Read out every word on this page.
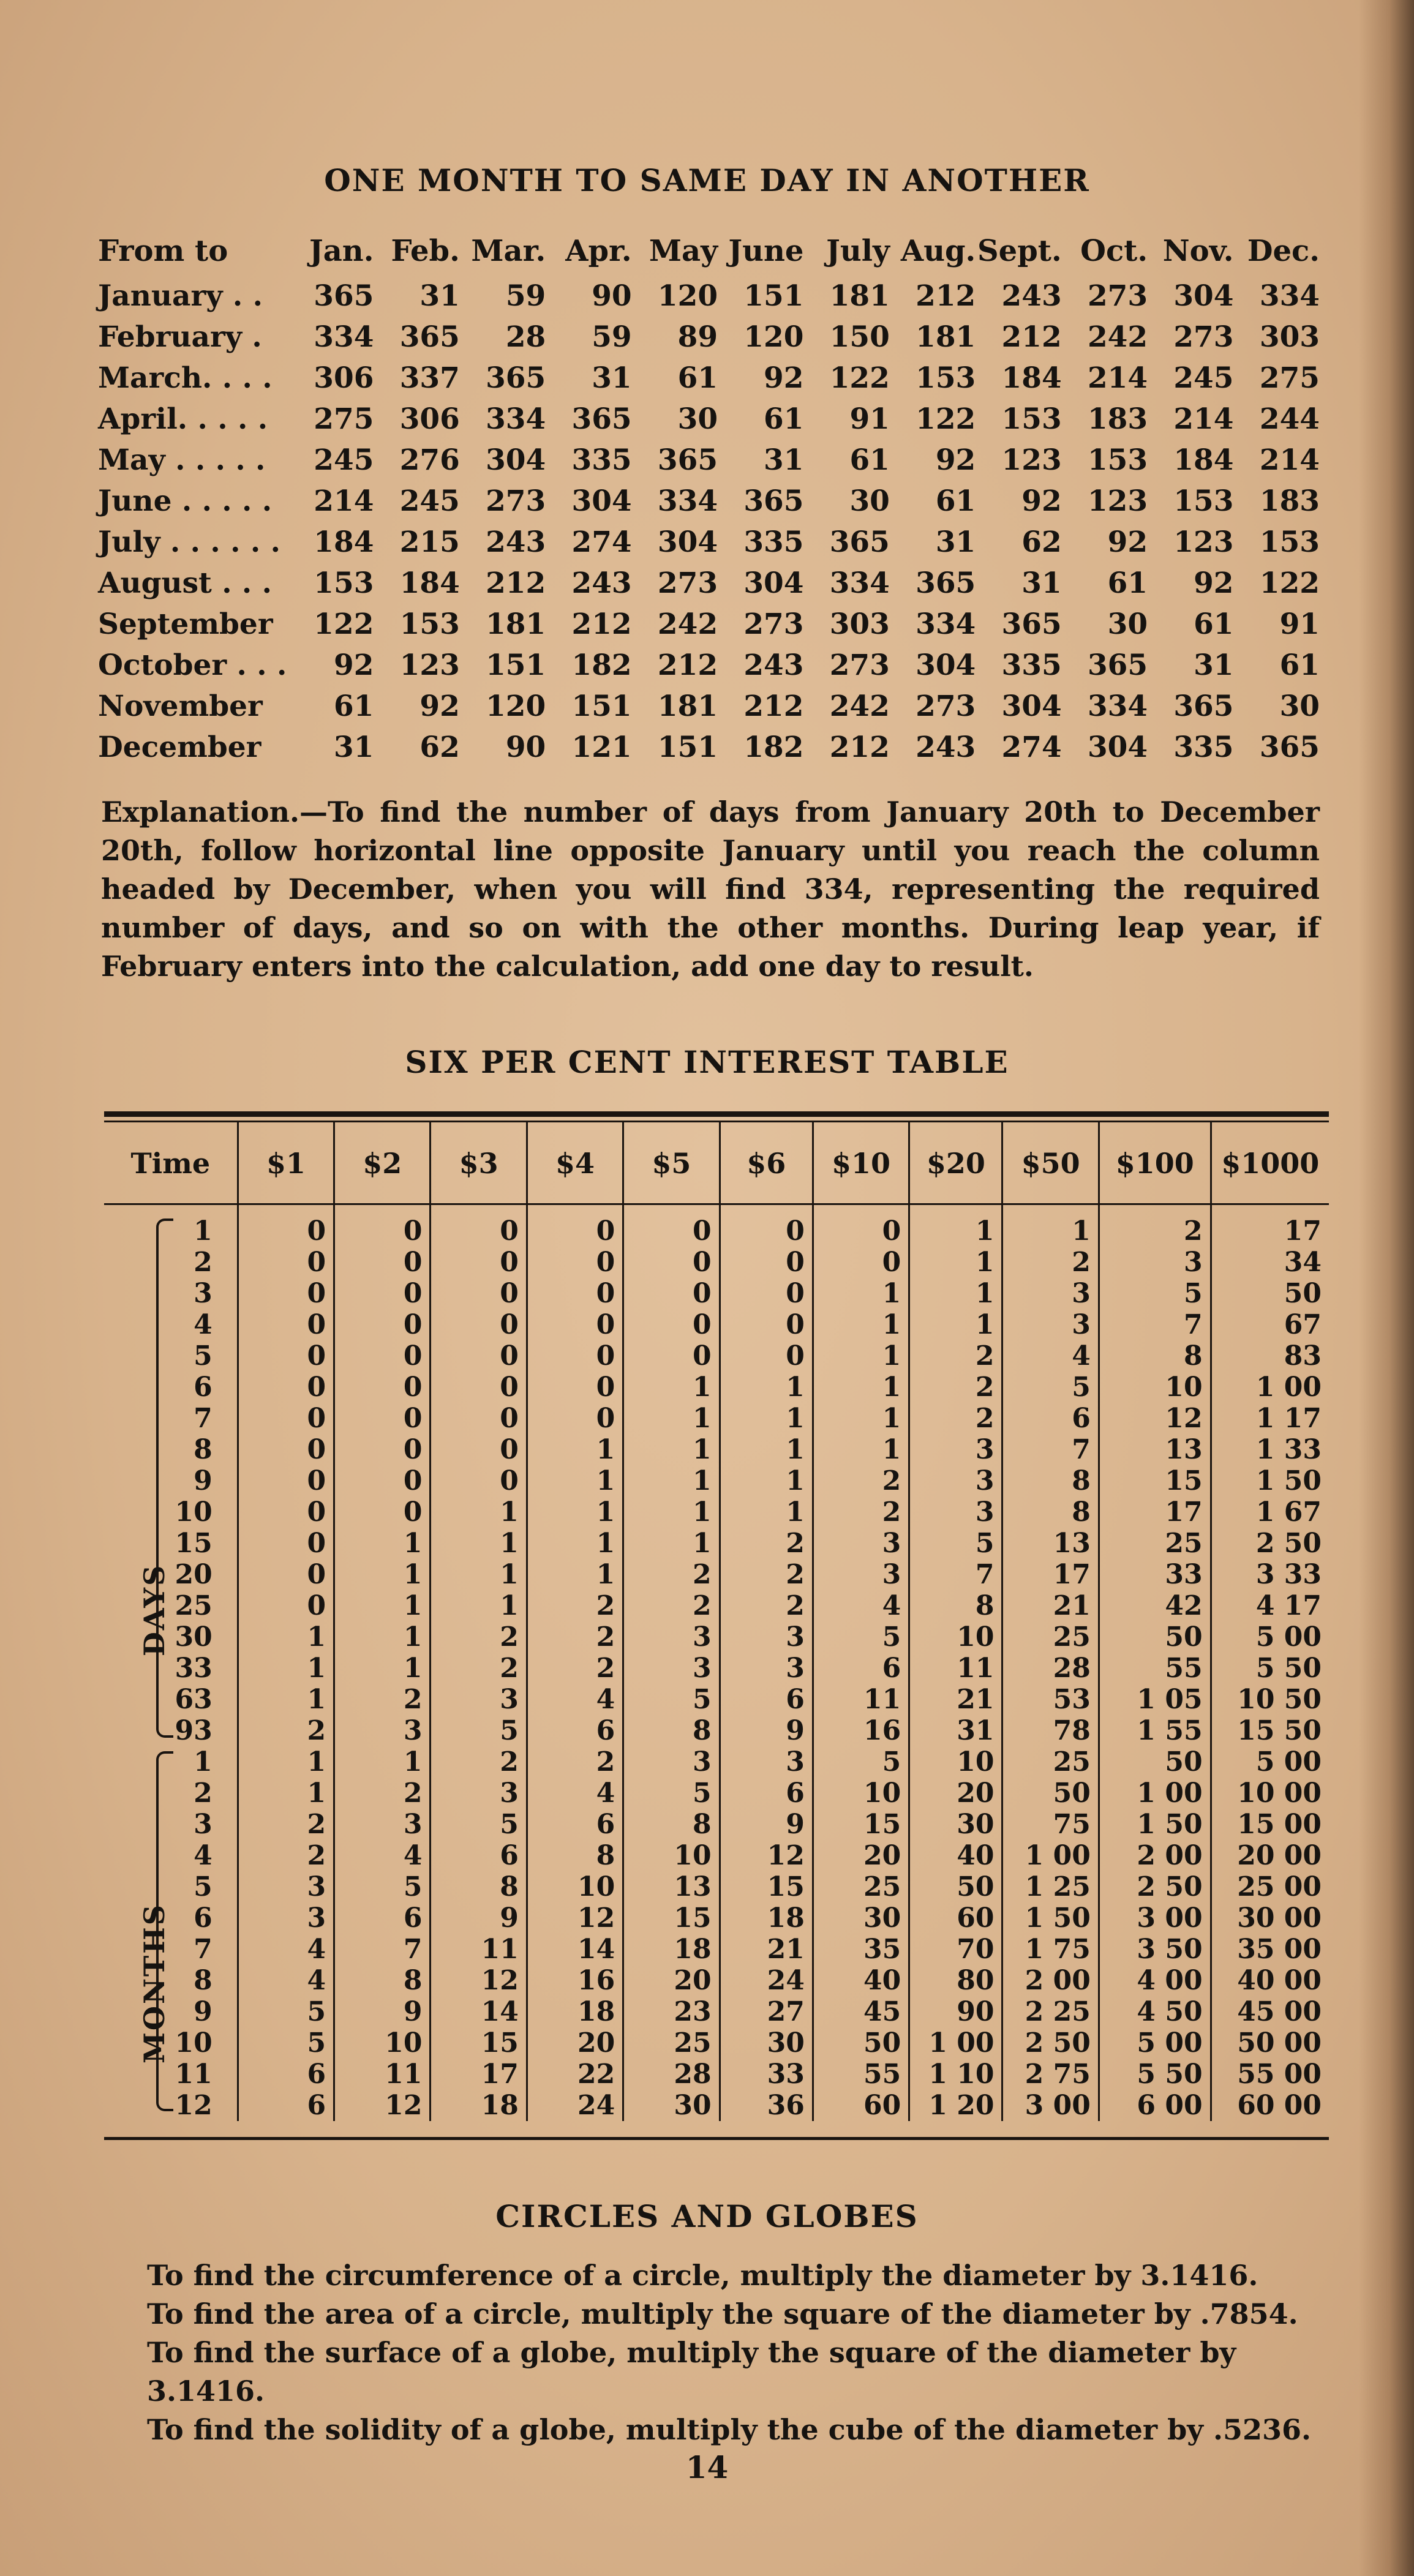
ONE MONTH TO SAME DAY IN ANOTHER
From to	Jan.	Feb.	Mar.	Apr.	May	June	July	Aug.	Sept.	Oct.	Nov.	Dec.
January . .	365	31	59	90	120	151	181	212	243	273	304	334
February .	334	365	28	59	89	120	150	181	212	242	273	303
March. . . .	306	337	365	31	61	92	122	153	184	214	245	275
April. . . . .	275	306	334	365	30	61	91	122	153	183	214	244
May . . . . .	245	276	304	335	365	31	61	92	123	153	184	214
June . . . . .	214	245	273	304	334	365	30	61	92	123	153	183
July . . . . . .	184	215	243	274	304	335	365	31	62	92	123	153
August . . .	153	184	212	243	273	304	334	365	31	61	92	122
September	122	153	181	212	242	273	303	334	365	30	61	91
October . . .	92	123	151	182	212	243	273	304	335	365	31	61
November	61	92	120	151	181	212	242	273	304	334	365	30
December	31	62	90	121	151	182	212	243	274	304	335	365
Explanation.—To find the number of days from January 20th to December 20th, follow horizontal line opposite January until you reach the column headed by December, when you will find 334, representing the required number of days, and so on with the other months. During leap year, if February enters into the calculation, add one day to result.
SIX PER CENT INTEREST TABLE
Time	$1	$2	$3	$4	$5	$6	$10	$20	$50	$100	$1000
1	0	0	0	0	0	0	0	1	1	2	17
2	0	0	0	0	0	0	0	1	2	3	34
3	0	0	0	0	0	0	1	1	3	5	50
4	0	0	0	0	0	0	1	1	3	7	67
5	0	0	0	0	0	0	1	2	4	8	83
6	0	0	0	0	1	1	1	2	5	10	1 00
7	0	0	0	0	1	1	1	2	6	12	1 17
8	0	0	0	1	1	1	1	3	7	13	1 33
9	0	0	0	1	1	1	2	3	8	15	1 50
10	0	0	1	1	1	1	2	3	8	17	1 67
15	0	1	1	1	1	2	3	5	13	25	2 50
20	0	1	1	1	2	2	3	7	17	33	3 33
25	0	1	1	2	2	2	4	8	21	42	4 17
30	1	1	2	2	3	3	5	10	25	50	5 00
33	1	1	2	2	3	3	6	11	28	55	5 50
63	1	2	3	4	5	6	11	21	53	1 05	10 50
93	2	3	5	6	8	9	16	31	78	1 55	15 50
1	1	1	2	2	3	3	5	10	25	50	5 00
2	1	2	3	4	5	6	10	20	50	1 00	10 00
3	2	3	5	6	8	9	15	30	75	1 50	15 00
4	2	4	6	8	10	12	20	40	1 00	2 00	20 00
5	3	5	8	10	13	15	25	50	1 25	2 50	25 00
6	3	6	9	12	15	18	30	60	1 50	3 00	30 00
7	4	7	11	14	18	21	35	70	1 75	3 50	35 00
8	4	8	12	16	20	24	40	80	2 00	4 00	40 00
9	5	9	14	18	23	27	45	90	2 25	4 50	45 00
10	5	10	15	20	25	30	50	1 00	2 50	5 00	50 00
11	6	11	17	22	28	33	55	1 10	2 75	5 50	55 00
12	6	12	18	24	30	36	60	1 20	3 00	6 00	60 00
DAYS
MONTHS
CIRCLES AND GLOBES
To find the circumference of a circle, multiply the diameter by 3.1416.
To find the area of a circle, multiply the square of the diameter by .7854.
To find the surface of a globe, multiply the square of the diameter by 3.1416.
To find the solidity of a globe, multiply the cube of the diameter by .5236.
14
